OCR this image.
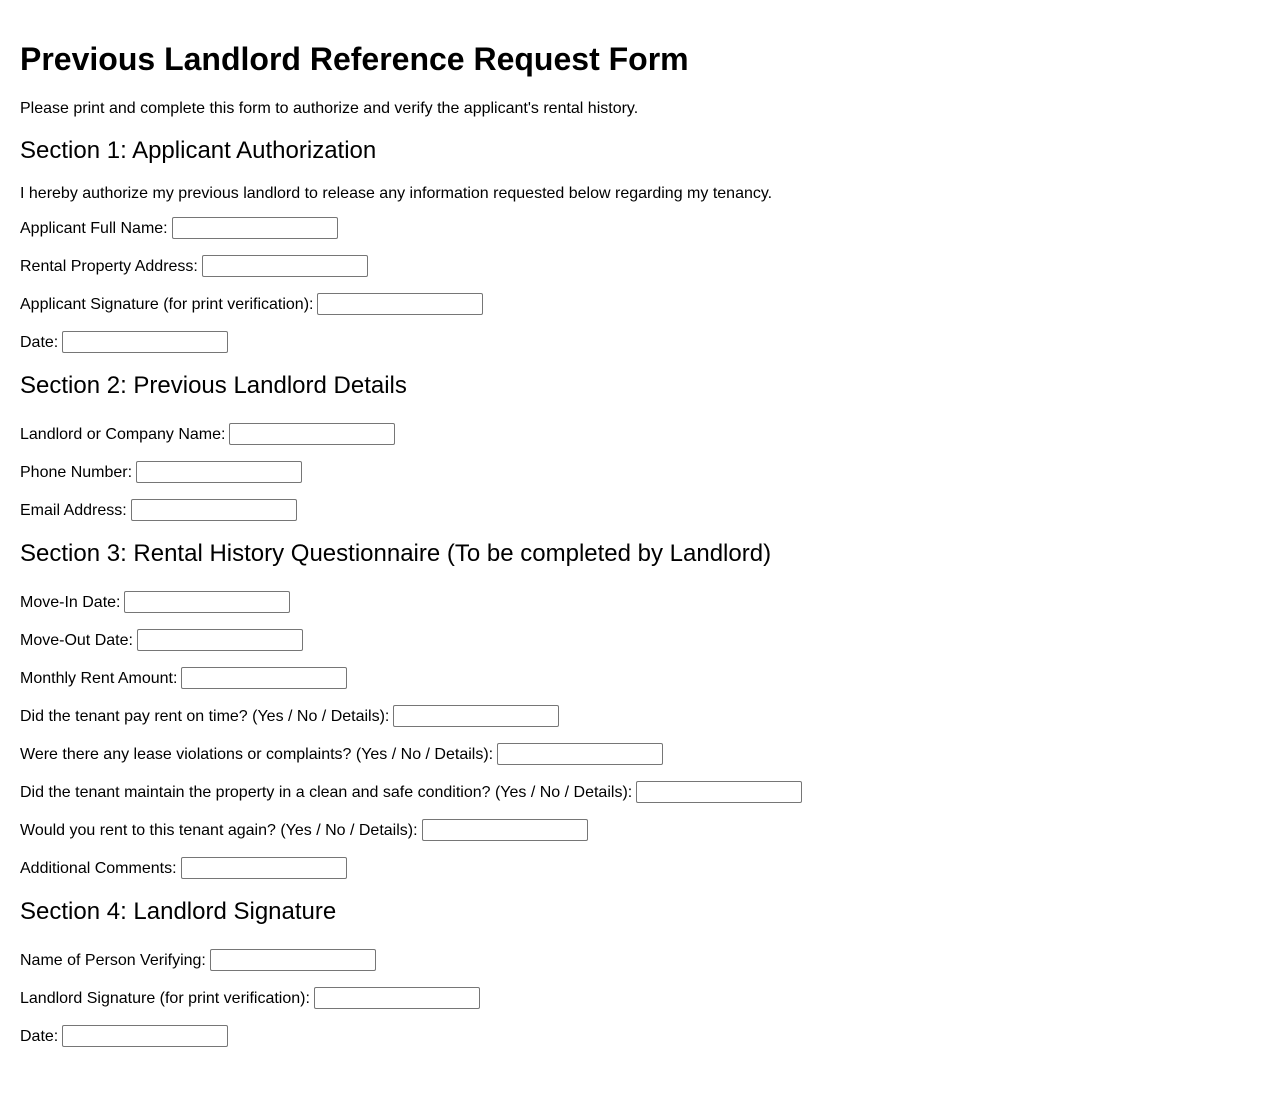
Previous Landlord Reference Request Form

Please print and complete this form to authorize and verify the applicant's rental history.

Section 1: Applicant Authorization

I hereby authorize my previous landlord to release any information requested below regarding my tenancy.

Applicant Full Name:
Rental Property Address:
Applicant Signature (for print verification):
Date:
Section 2: Previous Landlord Details
Landlord or Company Name:
Phone Number:
Email Address:
Section 3: Rental History Questionnaire (To be completed by Landlord)
Move-In Date:
Move-Out Date:
Monthly Rent Amount:
Did the tenant pay rent on time? (Yes / No / Details):
Were there any lease violations or complaints? (Yes / No / Details):
Did the tenant maintain the property in a clean and safe condition? (Yes / No / Details):
Would you rent to this tenant again? (Yes / No / Details):
Additional Comments:
Section 4: Landlord Signature
Name of Person Verifying:
Landlord Signature (for print verification):
Date:
